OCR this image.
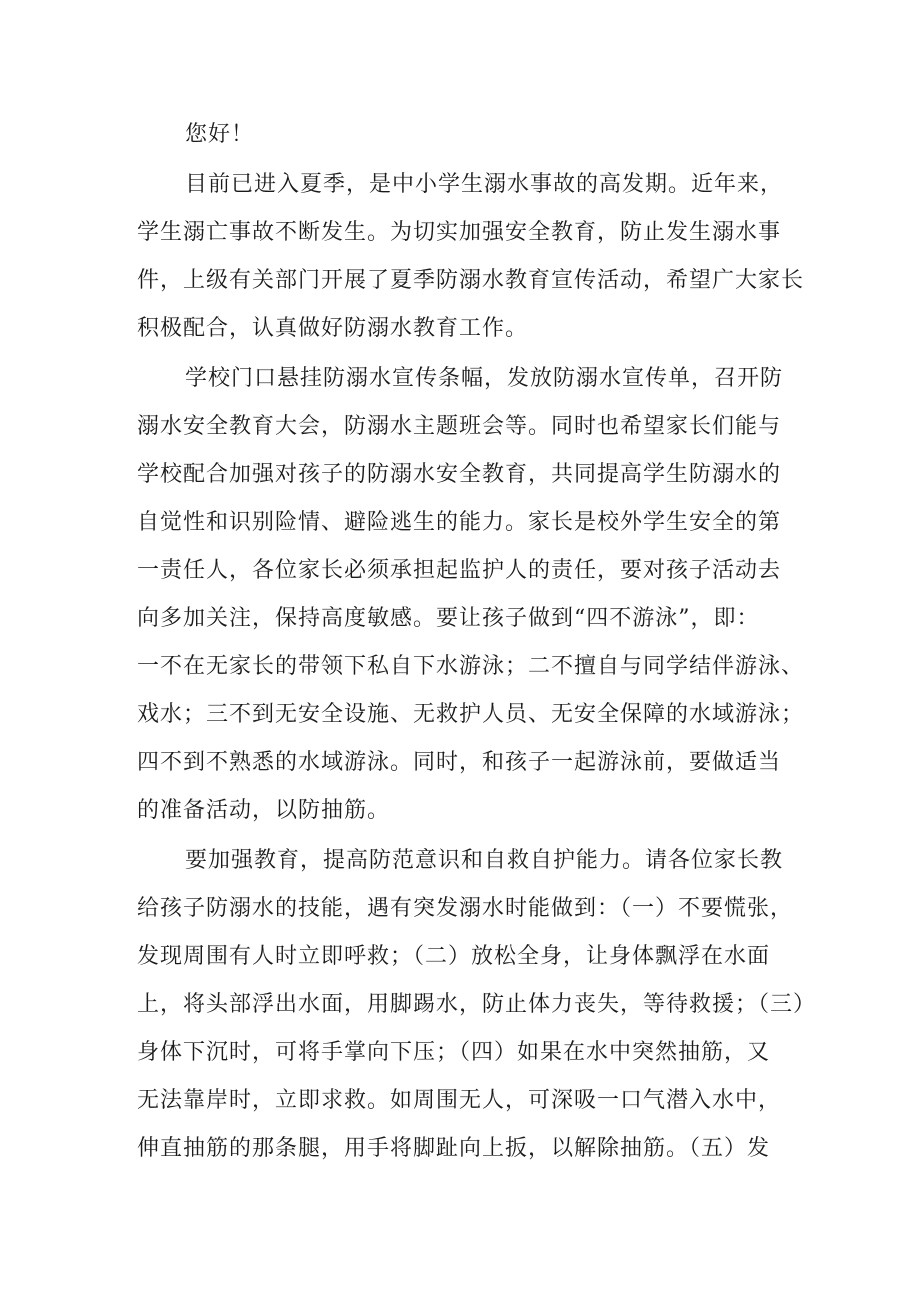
您好！
目前已进入夏季，是中小学生溺水事故的高发期。近年来，
学生溺亡事故不断发生。为切实加强安全教育，防止发生溺水事
件，上级有关部门开展了夏季防溺水教育宣传活动，希望广大家长
积极配合，认真做好防溺水教育工作。
学校门口悬挂防溺水宣传条幅，发放防溺水宣传单，召开防
溺水安全教育大会，防溺水主题班会等。同时也希望家长们能与
学校配合加强对孩子的防溺水安全教育，共同提高学生防溺水的
自觉性和识别险情、避险逃生的能力。家长是校外学生安全的第
一责任人，各位家长必须承担起监护人的责任，要对孩子活动去
向多加关注，保持高度敏感。要让孩子做到“四不游泳”，即：
一不在无家长的带领下私自下水游泳；二不擅自与同学结伴游泳、
戏水；三不到无安全设施、无救护人员、无安全保障的水域游泳；
四不到不熟悉的水域游泳。同时，和孩子一起游泳前，要做适当
的准备活动，以防抽筋。
要加强教育，提高防范意识和自救自护能力。请各位家长教
给孩子防溺水的技能，遇有突发溺水时能做到：（一）不要慌张，
发现周围有人时立即呼救；（二）放松全身，让身体飘浮在水面
上，将头部浮出水面，用脚踢水，防止体力丧失，等待救援；（三）
身体下沉时，可将手掌向下压；（四）如果在水中突然抽筋，又
无法靠岸时，立即求救。如周围无人，可深吸一口气潜入水中，
伸直抽筋的那条腿，用手将脚趾向上扳，以解除抽筋。（五）发
